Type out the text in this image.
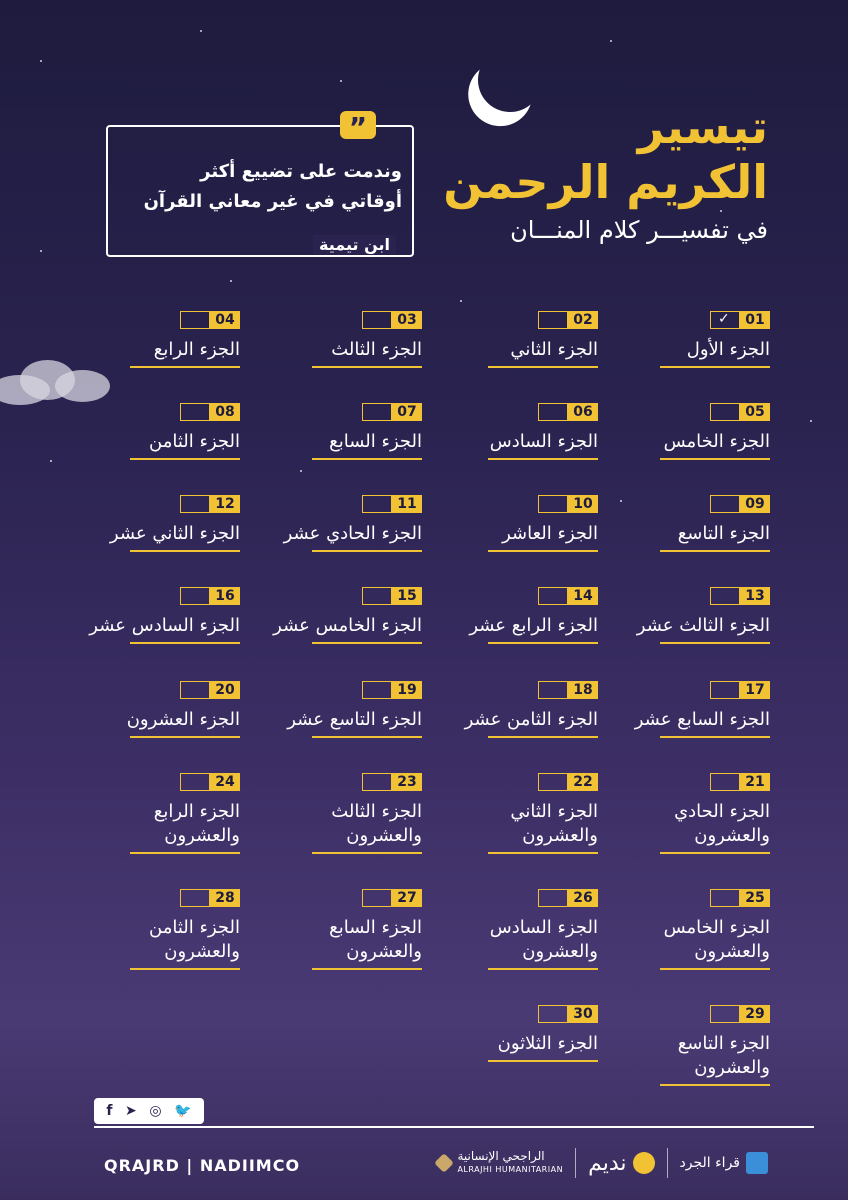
تيسير
الكريم الرحمن
في تفسيـــر كلام المنـــان
”
وندمت على تضييع أكثر
أوقاتي في غير معاني القرآن
ابن تيمية
01
✓
الجزء الأول
02
الجزء الثاني
03
الجزء الثالث
04
الجزء الرابع
05
الجزء الخامس
06
الجزء السادس
07
الجزء السابع
08
الجزء الثامن
09
الجزء التاسع
10
الجزء العاشر
11
الجزء الحادي عشر
12
الجزء الثاني عشر
13
الجزء الثالث عشر
14
الجزء الرابع عشر
15
الجزء الخامس عشر
16
الجزء السادس عشر
17
الجزء السابع عشر
18
الجزء الثامن عشر
19
الجزء التاسع عشر
20
الجزء العشرون
21
الجزء الحادي والعشرون
22
الجزء الثاني والعشرون
23
الجزء الثالث والعشرون
24
الجزء الرابع والعشرون
25
الجزء الخامس والعشرون
26
الجزء السادس والعشرون
27
الجزء السابع والعشرون
28
الجزء الثامن والعشرون
29
الجزء التاسع والعشرون
30
الجزء الثلاثون
f ➤ ◎ 🐦
QRAJRD | NADIIMCO	قراء الجرد
نديم
الراجحي الإنسانية
ALRAJHI HUMANITARIAN
